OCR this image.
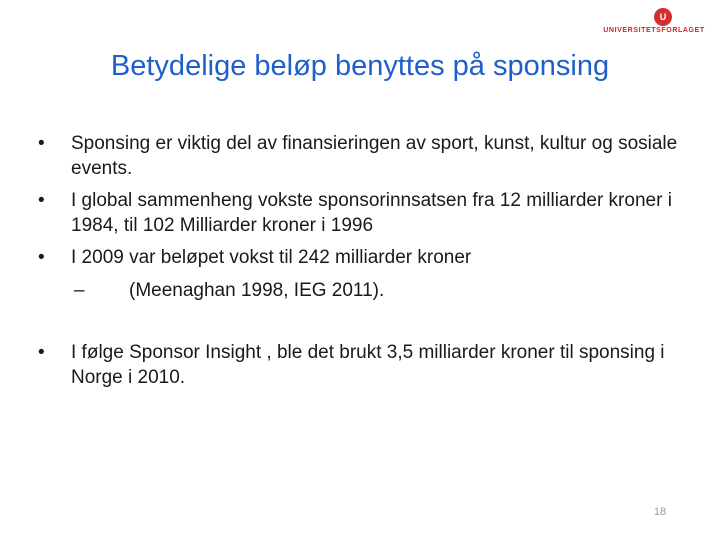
U
UNIVERSITETSFORLAGET
Betydelige beløp benyttes på sponsing
• Sponsing er viktig del av finansieringen av sport, kunst, kultur og sosiale events.
• I global sammenheng vokste sponsorinnsatsen fra 12 milliarder kroner i 1984, til 102 Milliarder kroner i 1996
• I 2009 var beløpet vokst til 242 milliarder kroner
– (Meenaghan 1998, IEG 2011).
• I følge Sponsor Insight , ble det brukt 3,5 milliarder kroner til sponsing i Norge i 2010.
18
